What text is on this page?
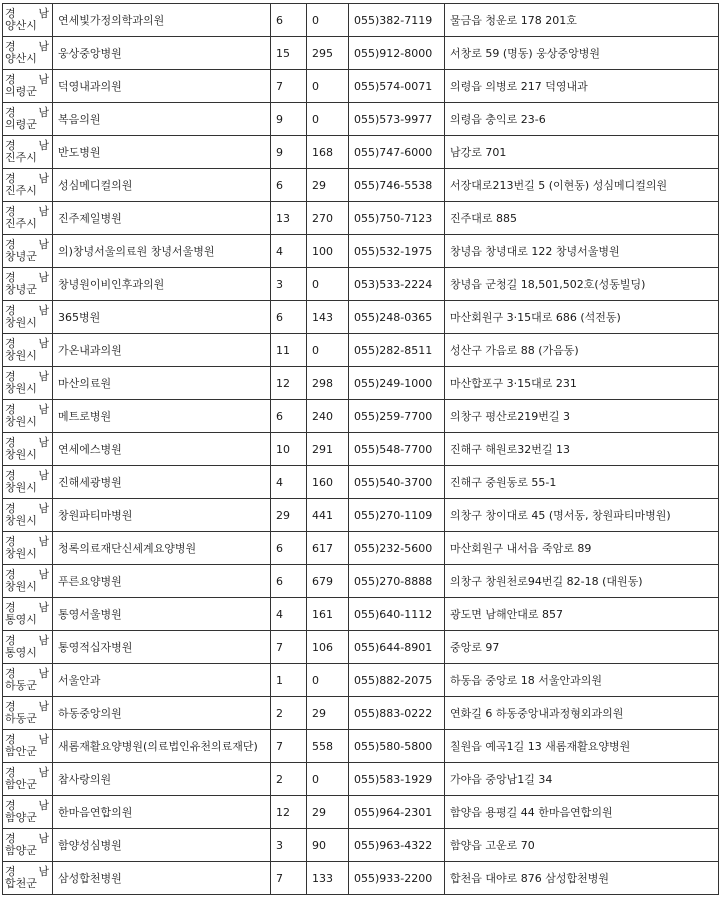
경 남
양산시	연세빛가정의학과의원	6	0	055)382-7119	물금읍 청운로 178 201호

경 남
양산시	웅상중앙병원	15	295	055)912-8000	서창로 59 (명동) 웅상중앙병원

경 남
의령군	덕영내과의원	7	0	055)574-0071	의령읍 의병로 217 덕영내과

경 남
의령군	복음의원	9	0	055)573-9977	의령읍 충익로 23-6

경 남
진주시	반도병원	9	168	055)747-6000	남강로 701

경 남
진주시	성심메디컬의원	6	29	055)746-5538	서장대로213번길 5 (이현동) 성심메디컬의원

경 남
진주시	진주제일병원	13	270	055)750-7123	진주대로 885

경 남
창녕군	의)창녕서울의료원 창녕서울병원	4	100	055)532-1975	창녕읍 창녕대로 122 창녕서울병원

경 남
창녕군	창녕원이비인후과의원	3	0	053)533-2224	창녕읍 군청길 18,501,502호(성동빌딩)

경 남
창원시	365병원	6	143	055)248-0365	마산회원구 3·15대로 686 (석전동)

경 남
창원시	가온내과의원	11	0	055)282-8511	성산구 가음로 88 (가음동)

경 남
창원시	마산의료원	12	298	055)249-1000	마산합포구 3·15대로 231

경 남
창원시	메트로병원	6	240	055)259-7700	의창구 평산로219번길 3

경 남
창원시	연세에스병원	10	291	055)548-7700	진해구 해원로32번길 13

경 남
창원시	진해세광병원	4	160	055)540-3700	진해구 중원동로 55-1

경 남
창원시	창원파티마병원	29	441	055)270-1109	의창구 창이대로 45 (명서동, 창원파티마병원)

경 남
창원시	청록의료재단신세계요양병원	6	617	055)232-5600	마산회원구 내서읍 죽암로 89

경 남
창원시	푸른요양병원	6	679	055)270-8888	의창구 창원천로94번길 82-18 (대원동)

경 남
통영시	통영서울병원	4	161	055)640-1112	광도면 남해안대로 857

경 남
통영시	통영적십자병원	7	106	055)644-8901	중앙로 97

경 남
하동군	서울안과	1	0	055)882-2075	하동읍 중앙로 18 서울안과의원

경 남
하동군	하동중앙의원	2	29	055)883-0222	연화길 6 하동중앙내과정형외과의원

경 남
함안군	새롬재활요양병원(의료법인유천의료재단)	7	558	055)580-5800	칠원읍 예곡1길 13 새롬재활요양병원

경 남
함안군	참사랑의원	2	0	055)583-1929	가야읍 중앙남1길 34

경 남
함양군	한마음연합의원	12	29	055)964-2301	함양읍 용평길 44 한마음연합의원

경 남
함양군	함양성심병원	3	90	055)963-4322	함양읍 고운로 70

경 남
합천군	삼성합천병원	7	133	055)933-2200	합천읍 대야로 876 삼성합천병원
